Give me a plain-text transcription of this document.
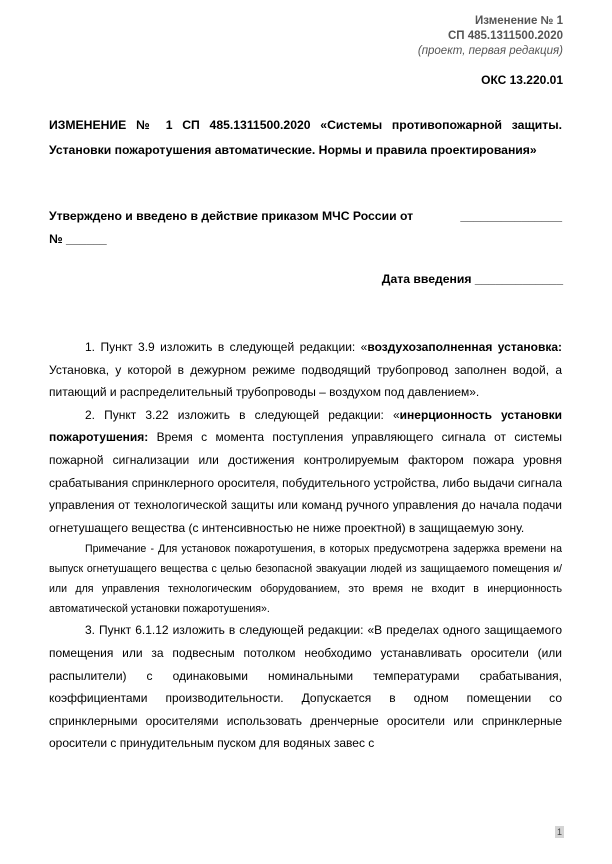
Изменение № 1
СП 485.1311500.2020
(проект, первая редакция)
ОКС 13.220.01
ИЗМЕНЕНИЕ № 1 СП 485.1311500.2020 «Системы противопожарной защиты. Установки пожаротушения автоматические. Нормы и правила проектирования»
Утверждено и введено в действие приказом МЧС России от	_______________
№ ______
Дата введения _____________

1. Пункт 3.9 изложить в следующей редакции: «воздухозаполненная установка: Установка, у которой в дежурном режиме подводящий трубопровод заполнен водой, а питающий и распределительный трубопроводы – воздухом под давлением».

2. Пункт 3.22 изложить в следующей редакции: «инерционность установки пожаротушения: Время с момента поступления управляющего сигнала от системы пожарной сигнализации или достижения контролируемым фактором пожара уровня срабатывания спринклерного оросителя, побудительного устройства, либо выдачи сигнала управления от технологической защиты или команд ручного управления до начала подачи огнетушащего вещества (с интенсивностью не ниже проектной) в защищаемую зону.

Примечание - Для установок пожаротушения, в которых предусмотрена задержка времени на выпуск огнетушащего вещества с целью безопасной эвакуации людей из защищаемого помещения и/или для управления технологическим оборудованием, это время не входит в инерционность автоматической установки пожаротушения».

3. Пункт 6.1.12 изложить в следующей редакции: «В пределах одного защищаемого помещения или за подвесным потолком необходимо устанавливать оросители (или распылители) с одинаковыми номинальными температурами срабатывания, коэффициентами производительности. Допускается в одном помещении со спринклерными оросителями использовать дренчерные оросители или спринклерные оросители с принудительным пуском для водяных завес с

1
